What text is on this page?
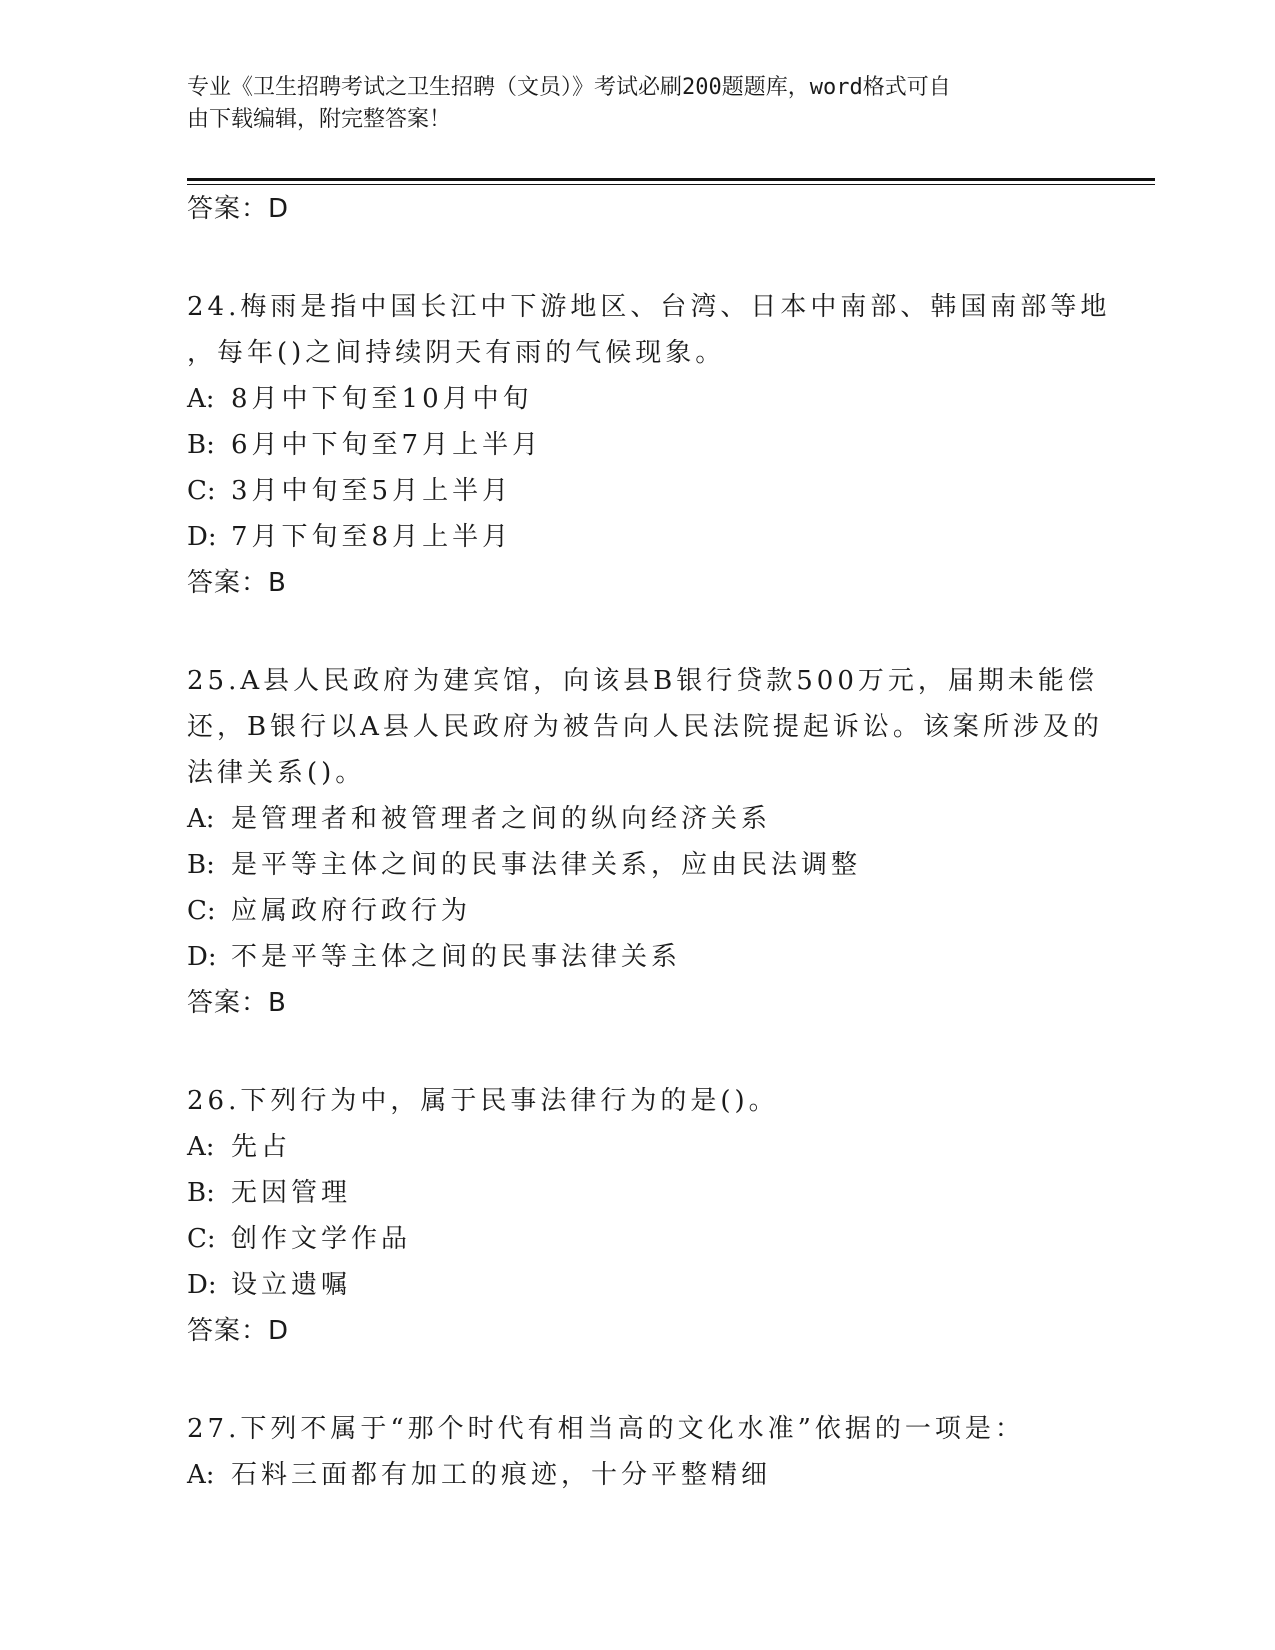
专业《卫生招聘考试之卫生招聘（文员）》考试必刷200题题库，word格式可自
由下载编辑，附完整答案！
答案：D
24.梅雨是指中国长江中下游地区、台湾、日本中南部、韩国南部等地
，每年()之间持续阴天有雨的气候现象。
A: 8月中下旬至10月中旬
B: 6月中下旬至7月上半月
C: 3月中旬至5月上半月
D: 7月下旬至8月上半月
答案：B
25.A县人民政府为建宾馆，向该县B银行贷款500万元，届期未能偿
还，B银行以A县人民政府为被告向人民法院提起诉讼。该案所涉及的
法律关系()。
A: 是管理者和被管理者之间的纵向经济关系
B: 是平等主体之间的民事法律关系，应由民法调整
C: 应属政府行政行为
D: 不是平等主体之间的民事法律关系
答案：B
26.下列行为中，属于民事法律行为的是()。
A: 先占
B: 无因管理
C: 创作文学作品
D: 设立遗嘱
答案：D
27.下列不属于“那个时代有相当高的文化水准”依据的一项是：
A: 石料三面都有加工的痕迹，十分平整精细
